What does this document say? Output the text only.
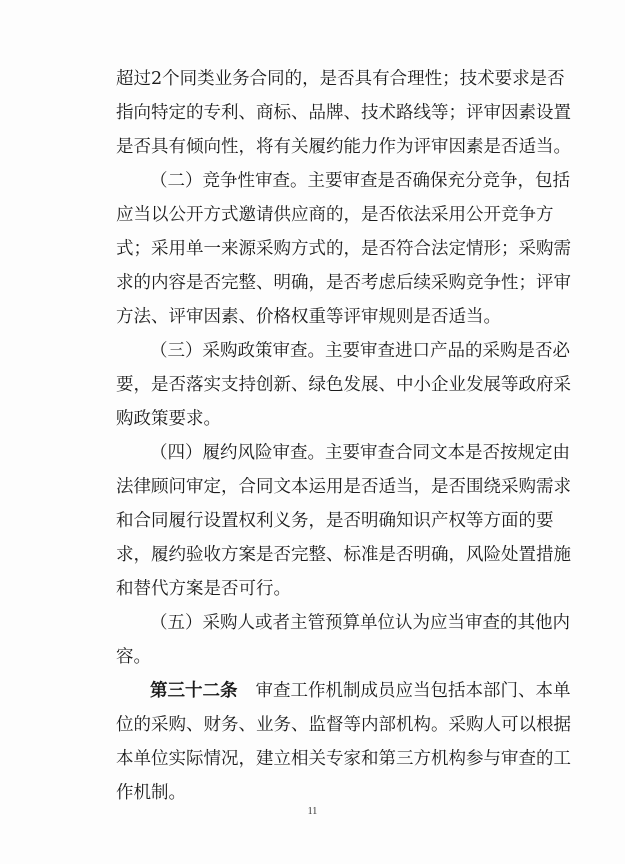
超过2个同类业务合同的，是否具有合理性；技术要求是否
指向特定的专利、商标、品牌、技术路线等；评审因素设置
是否具有倾向性，将有关履约能力作为评审因素是否适当。
（二）竞争性审查。主要审查是否确保充分竞争，包括
应当以公开方式邀请供应商的，是否依法采用公开竞争方
式；采用单一来源采购方式的，是否符合法定情形；采购需
求的内容是否完整、明确，是否考虑后续采购竞争性；评审
方法、评审因素、价格权重等评审规则是否适当。
（三）采购政策审查。主要审查进口产品的采购是否必
要，是否落实支持创新、绿色发展、中小企业发展等政府采
购政策要求。
（四）履约风险审查。主要审查合同文本是否按规定由
法律顾问审定，合同文本运用是否适当，是否围绕采购需求
和合同履行设置权利义务，是否明确知识产权等方面的要
求，履约验收方案是否完整、标准是否明确，风险处置措施
和替代方案是否可行。
（五）采购人或者主管预算单位认为应当审查的其他内
容。
第三十二条 审查工作机制成员应当包括本部门、本单
位的采购、财务、业务、监督等内部机构。采购人可以根据
本单位实际情况，建立相关专家和第三方机构参与审查的工
作机制。
11
